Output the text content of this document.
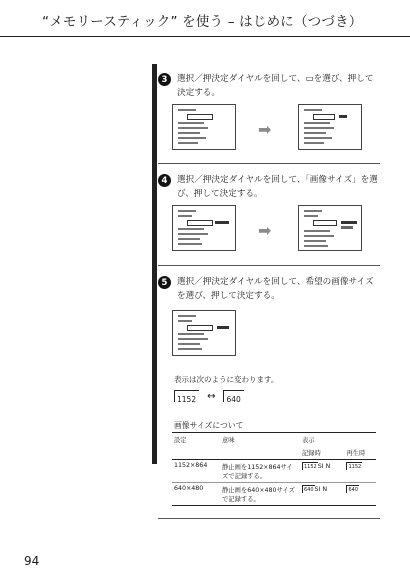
“メモリースティック” を使う – はじめに（つづき）
3	選択／押決定ダイヤルを回して、▭を選び、押して決定する。
➡
4	選択／押決定ダイヤルを回して、「画像サイズ」を選び、押して決定する。
➡
5	選択／押決定ダイヤルを回して、希望の画像サイズを選び、押して決定する。
表示は次のように変わります。
1152	↔	640
画像サイズについて
設定	意味	表示	
		記録時	再生時
1152×864	静止画を1152×864サイズで記録する。	1152SI N	1152
640×480	静止画を640×480サイズで記録する。	640SI N	640
94
